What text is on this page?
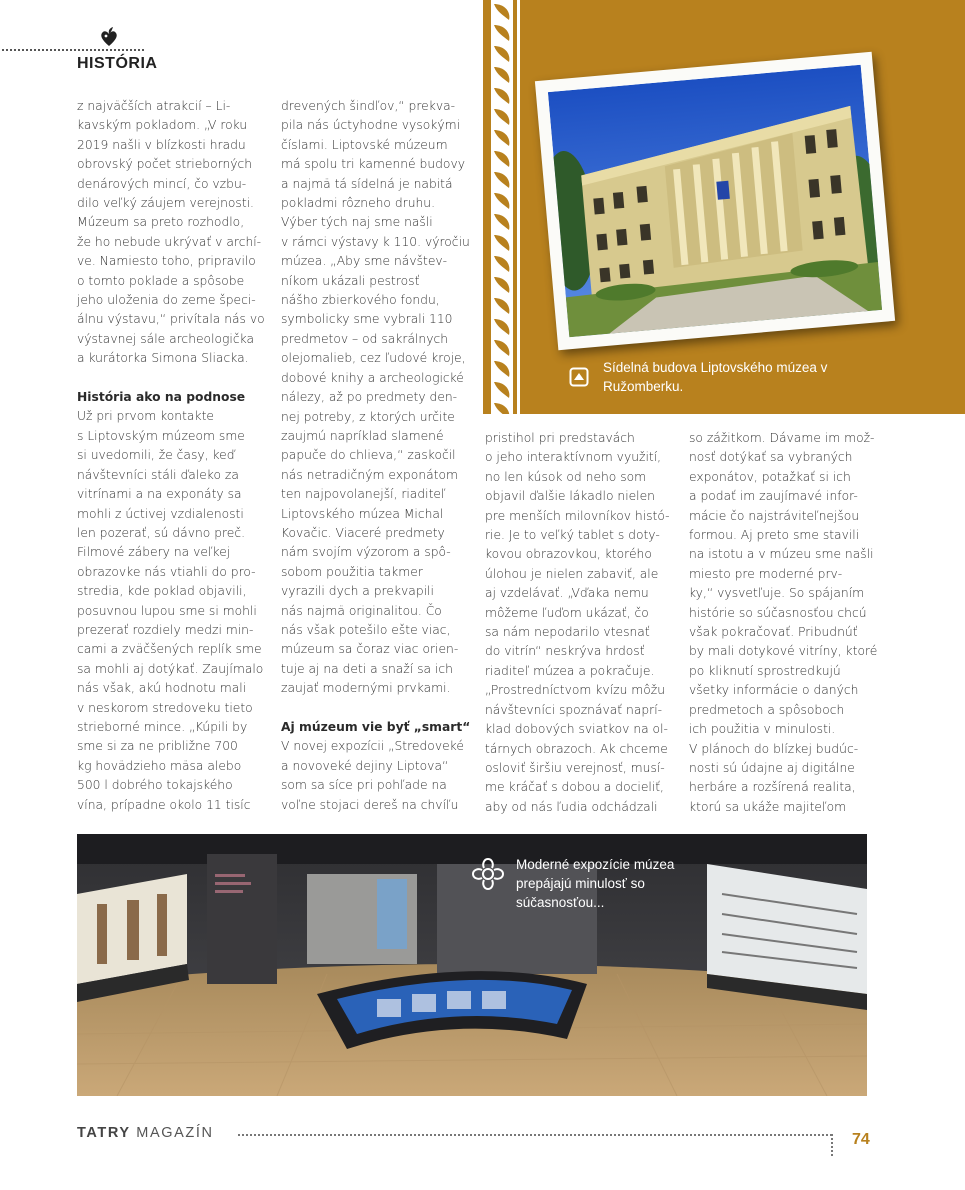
HISTÓRIA
Sídelná budova Liptovského múzea v Ružomberku.

z najväčších atrakcií – Li-

kavským pokladom. „V roku

2019 našli v blízkosti hradu

obrovský počet strieborných

denárových mincí, čo vzbu-

dilo veľký záujem verejnosti.

Múzeum sa preto rozhodlo,

že ho nebude ukrývať v archí-

ve. Namiesto toho, pripravilo

o tomto poklade a spôsobe

jeho uloženia do zeme špeci-

álnu výstavu,“ privítala nás vo

výstavnej sále archeologička

a kurátorka Simona Sliacka.

História ako na podnose

Už pri prvom kontakte

s Liptovským múzeom sme

si uvedomili, že časy, keď

návštevníci stáli ďaleko za

vitrínami a na exponáty sa

mohli z úctivej vzdialenosti

len pozerať, sú dávno preč.

Filmové zábery na veľkej

obrazovke nás vtiahli do pro-

stredia, kde poklad objavili,

posuvnou lupou sme si mohli

prezerať rozdiely medzi min-

cami a zväčšených replík sme

sa mohli aj dotýkať. Zaujímalo

nás však, akú hodnotu mali

v neskorom stredoveku tieto

strieborné mince. „Kúpili by

sme si za ne približne 700

kg hovädzieho mäsa alebo

500 l dobrého tokajského

vína, prípadne okolo 11 tisíc

drevených šindľov,“ prekva-

pila nás úctyhodne vysokými

číslami. Liptovské múzeum

má spolu tri kamenné budovy

a najmä tá sídelná je nabitá

pokladmi rôzneho druhu.

Výber tých naj sme našli

v rámci výstavy k 110. výročiu

múzea. „Aby sme návštev-

níkom ukázali pestrosť

nášho zbierkového fondu,

symbolicky sme vybrali 110

predmetov – od sakrálnych

olejomalieb, cez ľudové kroje,

dobové knihy a archeologické

nálezy, až po predmety den-

nej potreby, z ktorých určite

zaujmú napríklad slamené

papuče do chlieva,“ zaskočil

nás netradičným exponátom

ten najpovolanejší, riaditeľ

Liptovského múzea Michal

Kovačic. Viaceré predmety

nám svojím výzorom a spô-

sobom použitia takmer

vyrazili dych a prekvapili

nás najmä originalitou. Čo

nás však potešilo ešte viac,

múzeum sa čoraz viac orien-

tuje aj na deti a snaží sa ich

zaujať modernými prvkami.

Aj múzeum vie byť „smart“

V novej expozícii „Stredoveké

a novoveké dejiny Liptova“

som sa síce pri pohľade na

voľne stojaci dereš na chvíľu

pristihol pri predstavách

o jeho interaktívnom využití,

no len kúsok od neho som

objavil ďalšie lákadlo nielen

pre menších milovníkov histó-

rie. Je to veľký tablet s doty-

kovou obrazovkou, ktorého

úlohou je nielen zabaviť, ale

aj vzdelávať. „Vďaka nemu

môžeme ľuďom ukázať, čo

sa nám nepodarilo vtesnať

do vitrín“ neskrýva hrdosť

riaditeľ múzea a pokračuje.

„Prostredníctvom kvízu môžu

návštevníci spoznávať naprí-

klad dobových sviatkov na ol-

tárnych obrazoch. Ak chceme

osloviť širšiu verejnosť, musí-

me kráčať s dobou a docieliť,

aby od nás ľudia odchádzali

so zážitkom. Dávame im mož-

nosť dotýkať sa vybraných

exponátov, potažkať si ich

a podať im zaujímavé infor-

mácie čo najstráviteľnejšou

formou. Aj preto sme stavili

na istotu a v múzeu sme našli

miesto pre moderné prv-

ky,“ vysvetľuje. So spájaním

histórie so súčasnosťou chcú

však pokračovať. Pribudnúť

by mali dotykové vitríny, ktoré

po kliknutí sprostredkujú

všetky informácie o daných

predmetoch a spôsoboch

ich použitia v minulosti.

V plánoch do blízkej budúc-

nosti sú údajne aj digitálne

herbáre a rozšírená realita,

ktorú sa ukáže majiteľom

Moderné expozície múzea prepájajú minulosť so súčasnosťou...
TATRY MAGAZÍN	74
